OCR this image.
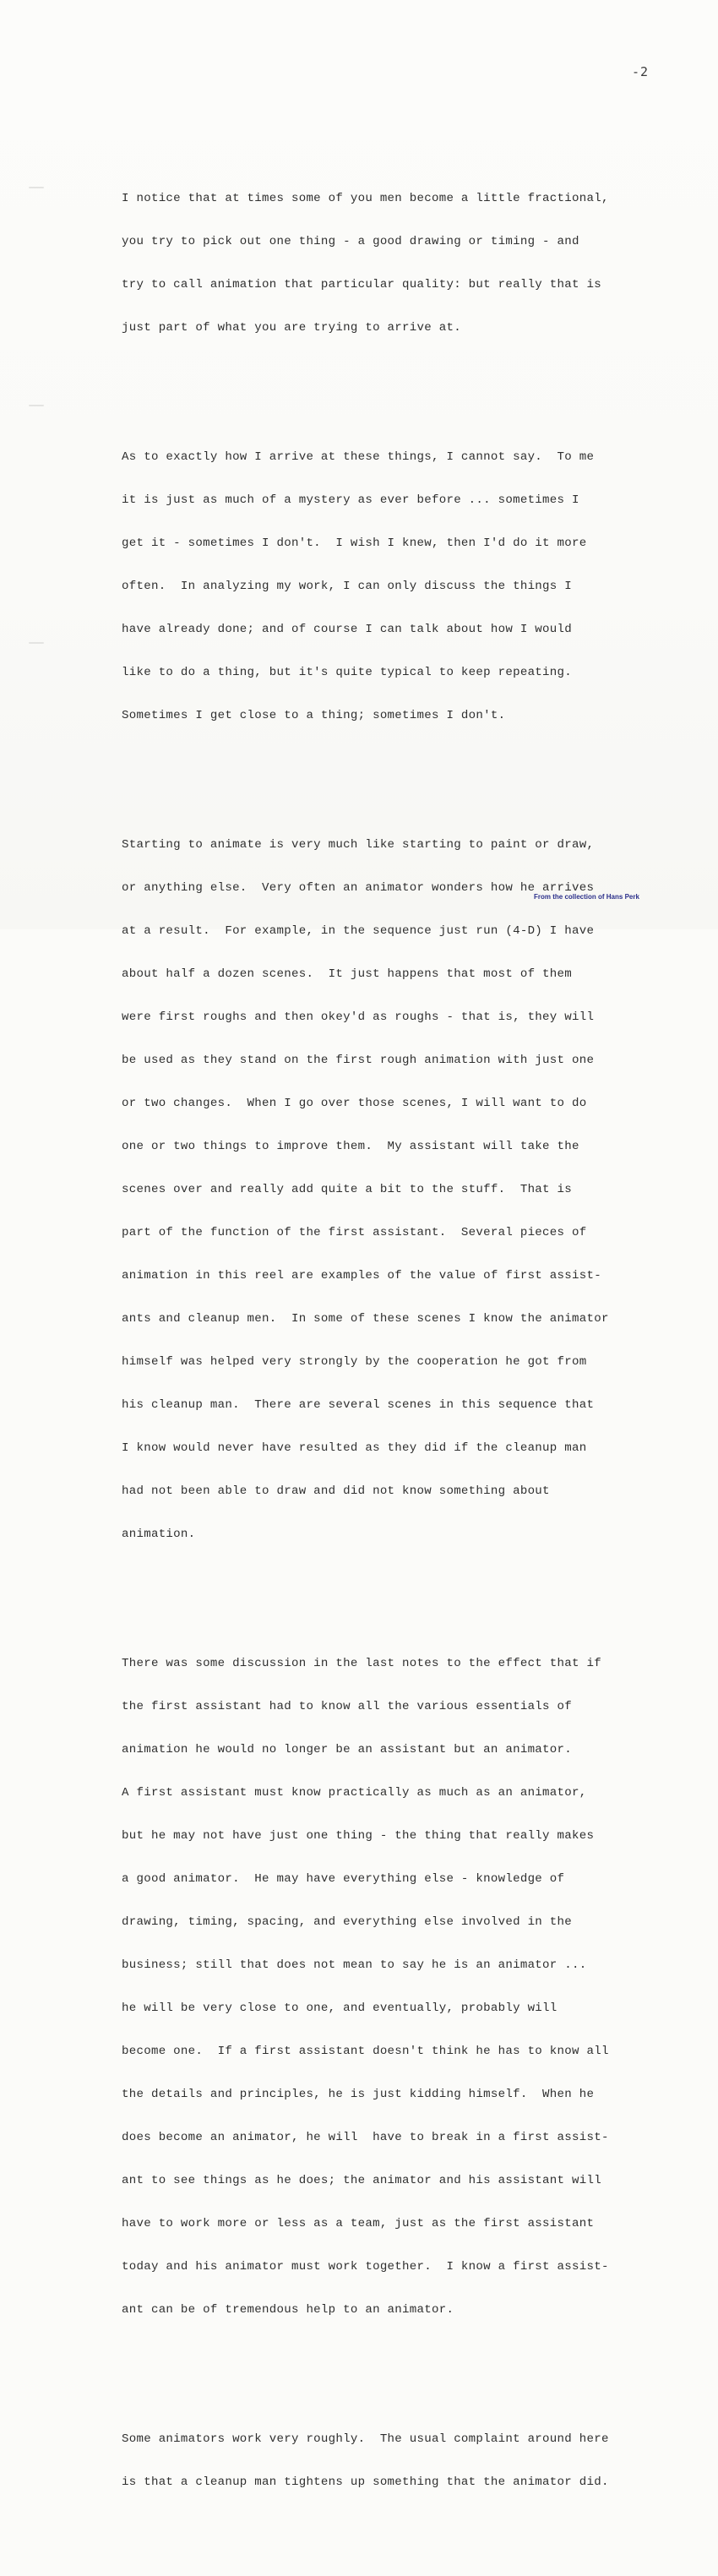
-2

I notice that at times some of you men become a little fractional,

you try to pick out one thing - a good drawing or timing - and

try to call animation that particular quality: but really that is

just part of what you are trying to arrive at.

As to exactly how I arrive at these things, I cannot say.  To me

it is just as much of a mystery as ever before ... sometimes I

get it - sometimes I don't.  I wish I knew, then I'd do it more

often.  In analyzing my work, I can only discuss the things I

have already done; and of course I can talk about how I would

like to do a thing, but it's quite typical to keep repeating.

Sometimes I get close to a thing; sometimes I don't.

Starting to animate is very much like starting to paint or draw,

or anything else.  Very often an animator wonders how he arrives

at a result.  For example, in the sequence just run (4-D) I have

about half a dozen scenes.  It just happens that most of them

were first roughs and then okey'd as roughs - that is, they will

be used as they stand on the first rough animation with just one

or two changes.  When I go over those scenes, I will want to do

one or two things to improve them.  My assistant will take the

scenes over and really add quite a bit to the stuff.  That is

part of the function of the first assistant.  Several pieces of

animation in this reel are examples of the value of first assist-

ants and cleanup men.  In some of these scenes I know the animator

himself was helped very strongly by the cooperation he got from

his cleanup man.  There are several scenes in this sequence that

I know would never have resulted as they did if the cleanup man

had not been able to draw and did not know something about

animation.

There was some discussion in the last notes to the effect that if

the first assistant had to know all the various essentials of

animation he would no longer be an assistant but an animator.

A first assistant must know practically as much as an animator,

but he may not have just one thing - the thing that really makes

a good animator.  He may have everything else - knowledge of

drawing, timing, spacing, and everything else involved in the

business; still that does not mean to say he is an animator ...

he will be very close to one, and eventually, probably will

become one.  If a first assistant doesn't think he has to know all

the details and principles, he is just kidding himself.  When he

does become an animator, he will  have to break in a first assist-

ant to see things as he does; the animator and his assistant will

have to work more or less as a team, just as the first assistant

today and his animator must work together.  I know a first assist-

ant can be of tremendous help to an animator.

Some animators work very roughly.  The usual complaint around here

is that a cleanup man tightens up something that the animator did.

From the collection of Hans Perk
